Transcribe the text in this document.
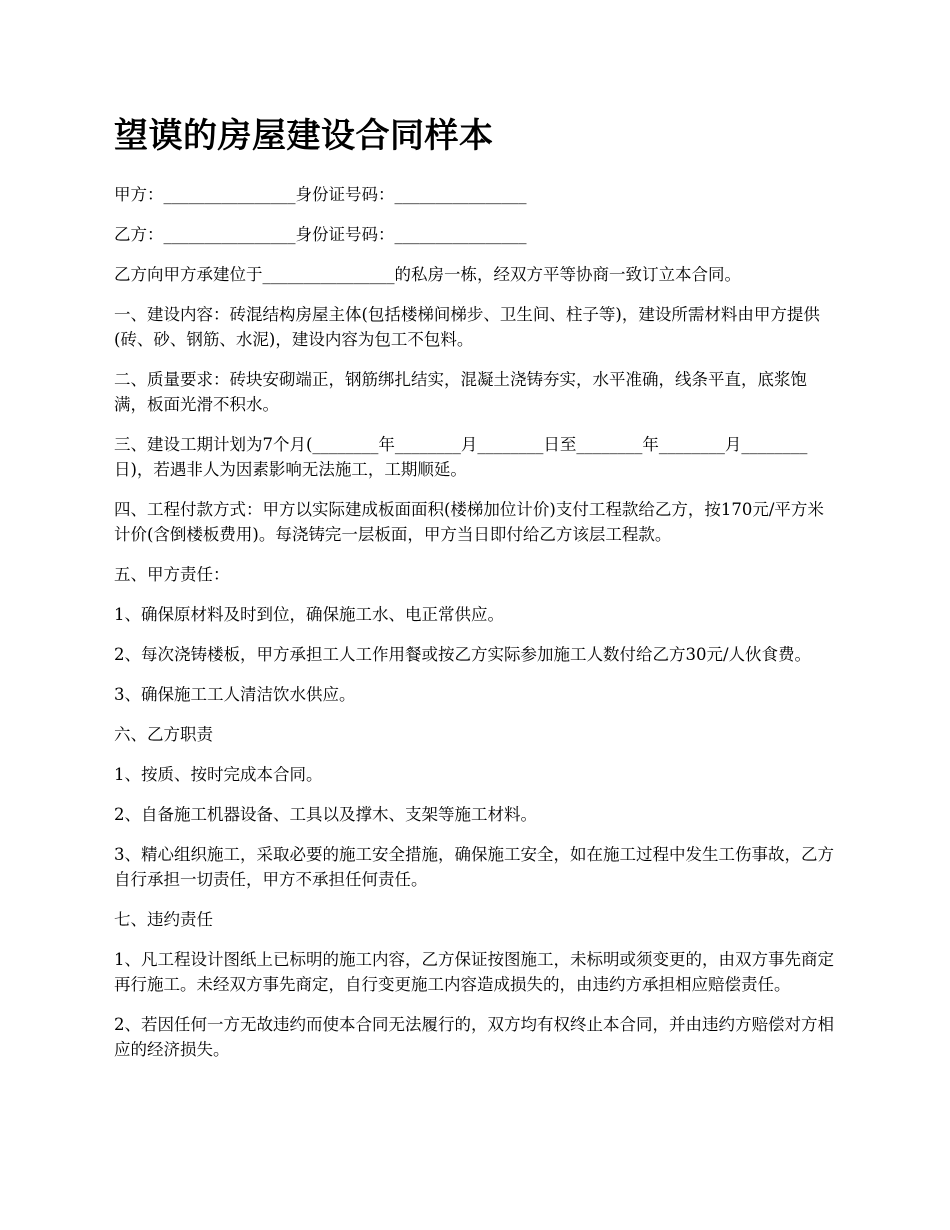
望谟的房屋建设合同样本

甲方：________________身份证号码：________________

乙方：________________身份证号码：________________

乙方向甲方承建位于________________的私房一栋，经双方平等协商一致订立本合同。

一、建设内容：砖混结构房屋主体(包括楼梯间梯步、卫生间、柱子等)，建设所需材料由甲方提供(砖、砂、钢筋、水泥)，建设内容为包工不包料。

二、质量要求：砖块安砌端正，钢筋绑扎结实，混凝土浇铸夯实，水平准确，线条平直，底浆饱满，板面光滑不积水。

三、建设工期计划为7个月(________年________月________日至________年________月________日)，若遇非人为因素影响无法施工，工期顺延。

四、工程付款方式：甲方以实际建成板面面积(楼梯加位计价)支付工程款给乙方，按170元/平方米计价(含倒楼板费用)。每浇铸完一层板面，甲方当日即付给乙方该层工程款。

五、甲方责任：

1、确保原材料及时到位，确保施工水、电正常供应。

2、每次浇铸楼板，甲方承担工人工作用餐或按乙方实际参加施工人数付给乙方30元/人伙食费。

3、确保施工工人清洁饮水供应。

六、乙方职责

1、按质、按时完成本合同。

2、自备施工机器设备、工具以及撑木、支架等施工材料。

3、精心组织施工，采取必要的施工安全措施，确保施工安全，如在施工过程中发生工伤事故，乙方自行承担一切责任，甲方不承担任何责任。

七、违约责任

1、凡工程设计图纸上已标明的施工内容，乙方保证按图施工，未标明或须变更的，由双方事先商定再行施工。未经双方事先商定，自行变更施工内容造成损失的，由违约方承担相应赔偿责任。

2、若因任何一方无故违约而使本合同无法履行的，双方均有权终止本合同，并由违约方赔偿对方相应的经济损失。
